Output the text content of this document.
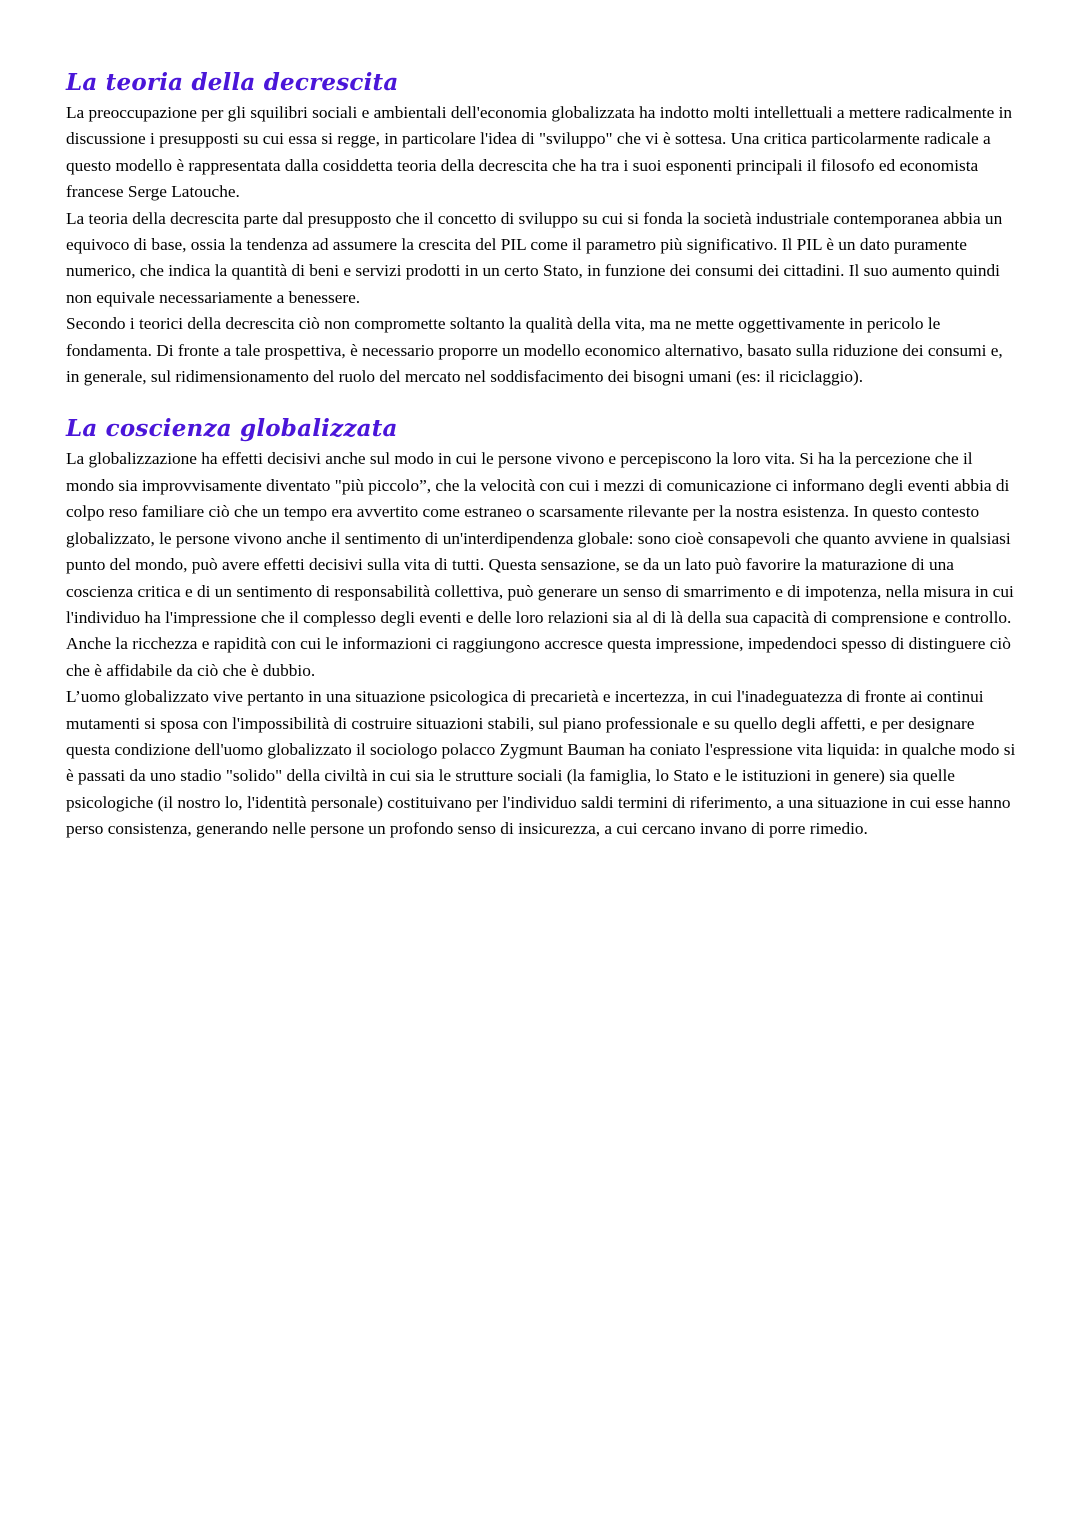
La teoria della decrescita

La preoccupazione per gli squilibri sociali e ambientali dell'economia globalizzata ha indotto molti intellettuali a mettere radicalmente in discussione i presupposti su cui essa si regge, in particolare l'idea di "sviluppo" che vi è sottesa. Una critica particolarmente radicale a questo modello è rappresentata dalla cosiddetta teoria della decrescita che ha tra i suoi esponenti principali il filosofo ed economista francese Serge Latouche.

La teoria della decrescita parte dal presupposto che il concetto di sviluppo su cui si fonda la società industriale contemporanea abbia un equivoco di base, ossia la tendenza ad assumere la crescita del PIL come il parametro più significativo. Il PIL è un dato puramente numerico, che indica la quantità di beni e servizi prodotti in un certo Stato, in funzione dei consumi dei cittadini. Il suo aumento quindi non equivale necessariamente a benessere.

Secondo i teorici della decrescita ciò non compromette soltanto la qualità della vita, ma ne mette oggettivamente in pericolo le fondamenta. Di fronte a tale prospettiva, è necessario proporre un modello economico alternativo, basato sulla riduzione dei consumi e, in generale, sul ridimensionamento del ruolo del mercato nel soddisfacimento dei bisogni umani (es: il riciclaggio).

La coscienza globalizzata

La globalizzazione ha effetti decisivi anche sul modo in cui le persone vivono e percepiscono la loro vita. Si ha la percezione che il mondo sia improvvisamente diventato "più piccolo”, che la velocità con cui i mezzi di comunicazione ci informano degli eventi abbia di colpo reso familiare ciò che un tempo era avvertito come estraneo o scarsamente rilevante per la nostra esistenza. In questo contesto globalizzato, le persone vivono anche il sentimento di un'interdipendenza globale: sono cioè consapevoli che quanto avviene in qualsiasi punto del mondo, può avere effetti decisivi sulla vita di tutti. Questa sensazione, se da un lato può favorire la maturazione di una coscienza critica e di un sentimento di responsabilità collettiva, può generare un senso di smarrimento e di impotenza, nella misura in cui l'individuo ha l'impressione che il complesso degli eventi e delle loro relazioni sia al di là della sua capacità di comprensione e controllo. Anche la ricchezza e rapidità con cui le informazioni ci raggiungono accresce questa impressione, impedendoci spesso di distinguere ciò che è affidabile da ciò che è dubbio.

L’uomo globalizzato vive pertanto in una situazione psicologica di precarietà e incertezza, in cui l'inadeguatezza di fronte ai continui mutamenti si sposa con l'impossibilità di costruire situazioni stabili, sul piano professionale e su quello degli affetti, e per designare questa condizione dell'uomo globalizzato il sociologo polacco Zygmunt Bauman ha coniato l'espressione vita liquida: in qualche modo si è passati da uno stadio "solido" della civiltà in cui sia le strutture sociali (la famiglia, lo Stato e le istituzioni in genere) sia quelle psicologiche (il nostro lo, l'identità personale) costituivano per l'individuo saldi termini di riferimento, a una situazione in cui esse hanno perso consistenza, generando nelle persone un profondo senso di insicurezza, a cui cercano invano di porre rimedio.
